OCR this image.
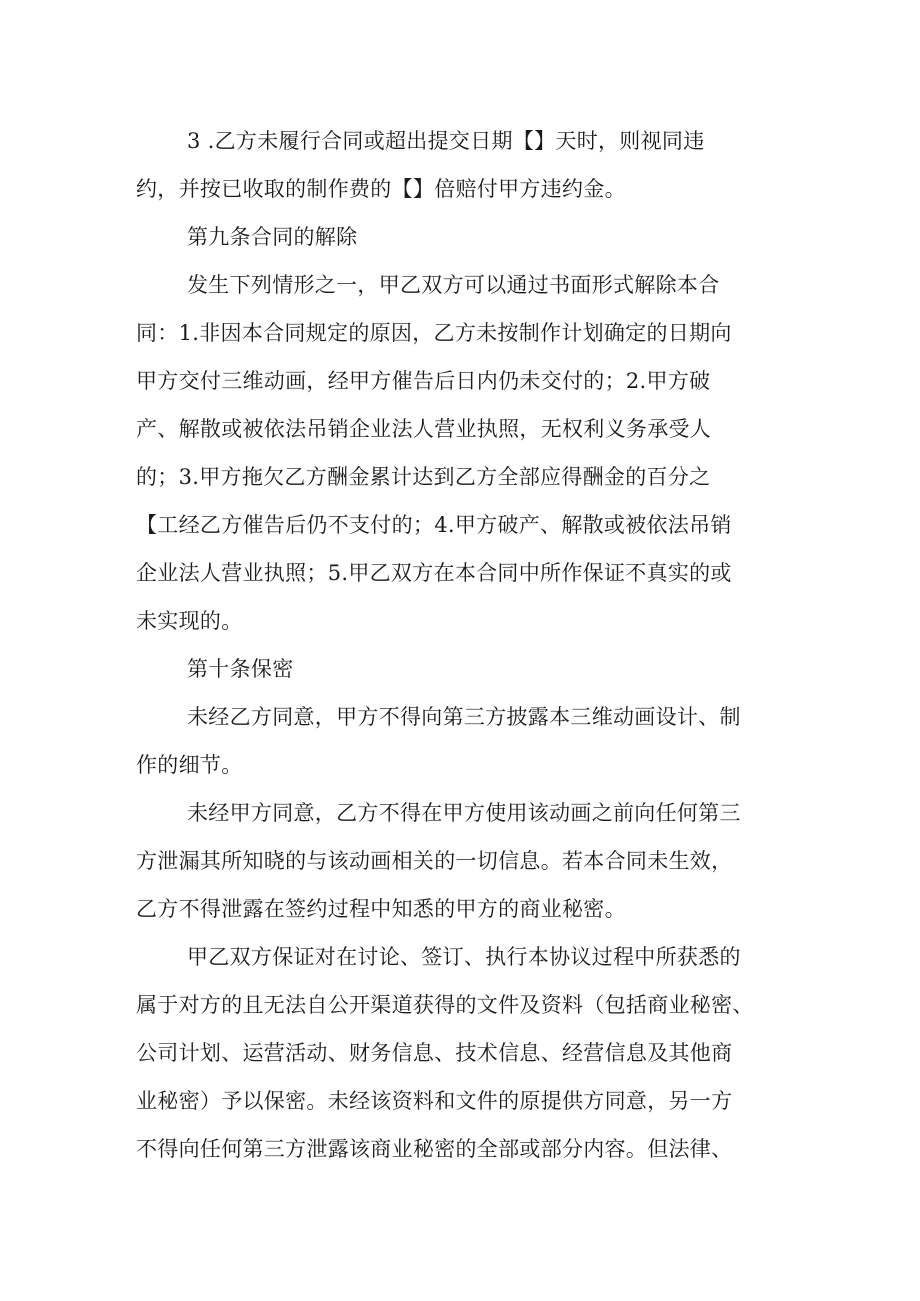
3 .乙方未履行合同或超出提交日期【】天时，则视同违
约，并按已收取的制作费的【】倍赔付甲方违约金。
第九条合同的解除
发生下列情形之一，甲乙双方可以通过书面形式解除本合
同：1.非因本合同规定的原因，乙方未按制作计划确定的日期向
甲方交付三维动画，经甲方催告后日内仍未交付的；2.甲方破
产、解散或被依法吊销企业法人营业执照，无权利义务承受人
的；3.甲方拖欠乙方酬金累计达到乙方全部应得酬金的百分之
【工经乙方催告后仍不支付的；4.甲方破产、解散或被依法吊销
企业法人营业执照；5.甲乙双方在本合同中所作保证不真实的或
未实现的。
第十条保密
未经乙方同意，甲方不得向第三方披露本三维动画设计、制
作的细节。
未经甲方同意，乙方不得在甲方使用该动画之前向任何第三
方泄漏其所知晓的与该动画相关的一切信息。若本合同未生效，
乙方不得泄露在签约过程中知悉的甲方的商业秘密。
甲乙双方保证对在讨论、签订、执行本协议过程中所获悉的
属于对方的且无法自公开渠道获得的文件及资料（包括商业秘密、
公司计划、运营活动、财务信息、技术信息、经营信息及其他商
业秘密）予以保密。未经该资料和文件的原提供方同意，另一方
不得向任何第三方泄露该商业秘密的全部或部分内容。但法律、
